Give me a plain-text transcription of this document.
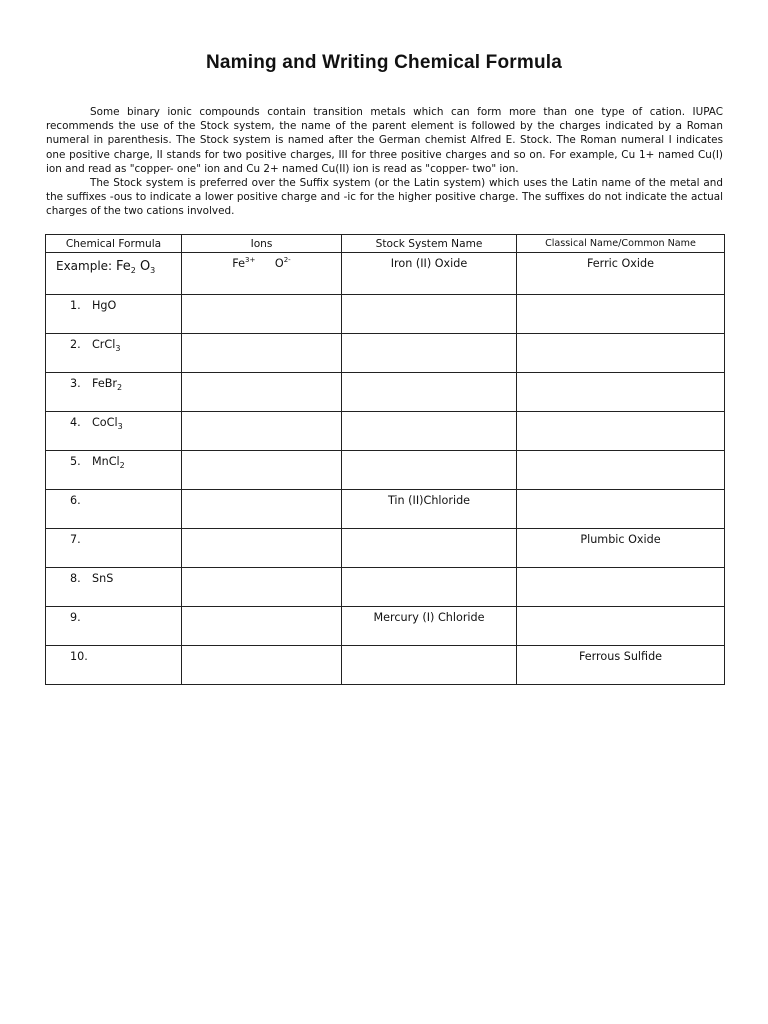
Naming and Writing Chemical Formula

Some binary ionic compounds contain transition metals which can form more than one type of cation. IUPAC recommends the use of the Stock system, the name of the parent element is followed by the charges indicated by a Roman numeral in parenthesis. The Stock system is named after the German chemist Alfred E. Stock. The Roman numeral I indicates one positive charge, II stands for two positive charges, III for three positive charges and so on. For example, Cu 1+ named Cu(I) ion and read as "copper- one" ion and Cu 2+ named Cu(II) ion is read as "copper- two" ion.

The Stock system is preferred over the Suffix system (or the Latin system) which uses the Latin name of the metal and the suffixes -ous to indicate a lower positive charge and -ic for the higher positive charge. The suffixes do not indicate the actual charges of the two cations involved.

Chemical Formula	Ions	Stock System Name	Classical Name/Common Name
Example: $Fe_2$ $O_3$	$Fe^{3+}$ $O^{2-}$	Iron (II) Oxide	Ferric Oxide
1. HgO			
2. CrCl$_3$			
3. FeBr$_2$			
4. CoCl$_3$			
5. MnCl$_2$			
6.		Tin (II)Chloride	
7.			Plumbic Oxide
8. SnS			
9.		Mercury (I) Chloride	
10.			Ferrous Sulfide
